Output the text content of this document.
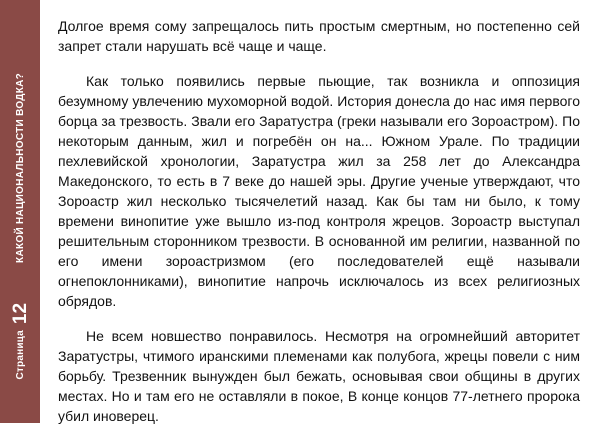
Страница
12
КАКОЙ НАЦИОНАЛЬНОСТИ ВОДКА?

Долгое время сому запрещалось пить простым смертным, но постепенно сей запрет стали нарушать всё чаще и чаще.

Как только появились первые пьющие, так возникла и оппозиция безумному увлечению мухоморной водой. История донесла до нас имя первого борца за трезвость. Звали его Заратустра (греки называли его Зороастром). По некоторым данным, жил и погребён он на... Южном Урале. По традиции пехлевийской хронологии, Заратустра жил за 258 лет до Александра Македонского, то есть в 7 веке до нашей эры. Другие ученые утверждают, что Зороастр жил несколько тысячелетий назад. Как бы там ни было, к тому времени винопитие уже вышло из-под контроля жрецов. Зороастр выступал решительным сторонником трезвости. В основанной им религии, названной по его имени зороастризмом (его последователей ещё называли огнепоклонниками), винопитие напрочь исключалось из всех религиозных обрядов.

Не всем новшество понравилось. Несмотря на огромнейший авторитет Заратустры, чтимого иранскими племенами как полубога, жрецы повели с ним борьбу. Трезвенник вынужден был бежать, основывая свои общины в других местах. Но и там его не оставляли в покое, В конце концов 77-летнего пророка убил иноверец.
